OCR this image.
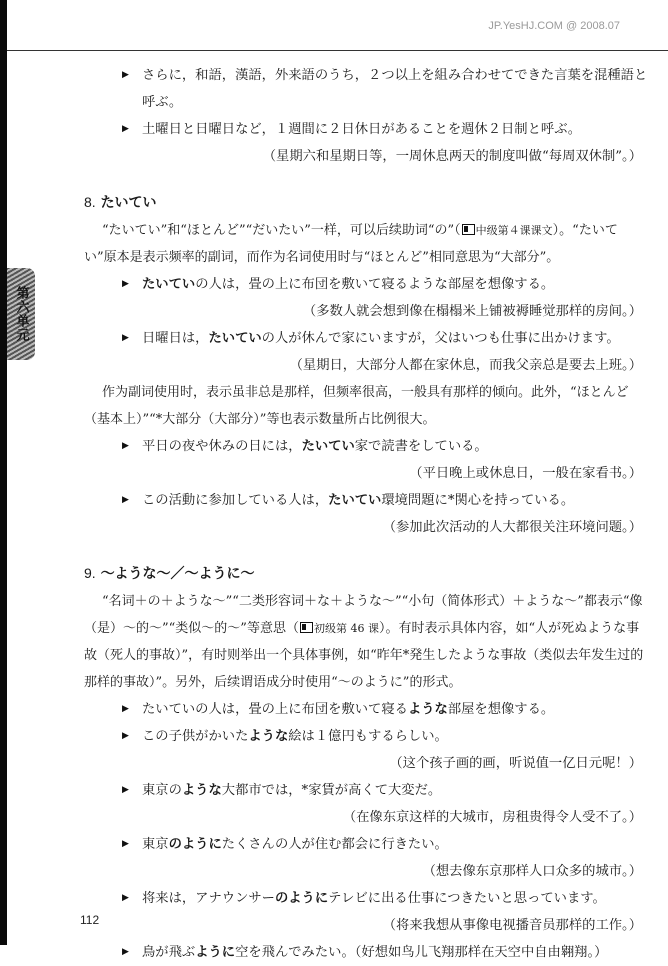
第六单元
JP.YesHJ.COM @ 2008.07
▶ さらに，和語，漢語，外来語のうち，２つ以上を組み合わせてできた言葉を混種語と呼ぶ。
▶ 土曜日と日曜日など，１週間に２日休日があることを週休２日制と呼ぶ。

（星期六和星期日等，一周休息两天的制度叫做“每周双休制”。）

8. たいてい

“たいてい”和“ほとんど”“だいたい”一样，可以后续助词“の”（ 中级第４课课文）。“たいてい”原本是表示频率的副词，而作为名词使用时与“ほとんど”相同意思为“大部分”。

▶ たいていの人は，畳の上に布団を敷いて寝るような部屋を想像する。

（多数人就会想到像在榻榻米上铺被褥睡觉那样的房间。）

▶ 日曜日は，たいていの人が休んで家にいますが，父はいつも仕事に出かけます。

（星期日，大部分人都在家休息，而我父亲总是要去上班。）

作为副词使用时，表示虽非总是那样，但频率很高，一般具有那样的倾向。此外，“ほとんど（基本上）”“*大部分（大部分）”等也表示数量所占比例很大。

▶ 平日の夜や休みの日には，たいてい家で読書をしている。

（平日晚上或休息日，一般在家看书。）

▶ この活動に参加している人は，たいてい環境問題に*関心を持っている。

（参加此次活动的人大都很关注环境问题。）

9. ～ような～／～ように～

“名词＋の＋ような～”“二类形容词＋な＋ような～”“小句（简体形式）＋ような～”都表示“像（是）～的～”“类似～的～”等意思（ 初级第 46 课）。有时表示具体内容，如“人が死ぬような事故（死人的事故）”，有时则举出一个具体事例，如“昨年*発生したような事故（类似去年发生过的那样的事故）”。另外，后续谓语成分时使用“～のように”的形式。

▶ たいていの人は，畳の上に布団を敷いて寝るような部屋を想像する。
▶ この子供がかいたような絵は１億円もするらしい。

（这个孩子画的画，听说值一亿日元呢！）

▶ 東京のような大都市では，*家賃が高くて大変だ。

（在像东京这样的大城市，房租贵得令人受不了。）

▶ 東京のようにたくさんの人が住む都会に行きたい。

（想去像东京那样人口众多的城市。）

▶ 将来は，アナウンサーのようにテレビに出る仕事につきたいと思っています。

（将来我想从事像电视播音员那样的工作。）

▶ 鳥が飛ぶように空を飛んでみたい。（好想如鸟儿飞翔那样在天空中自由翱翔。）
112
